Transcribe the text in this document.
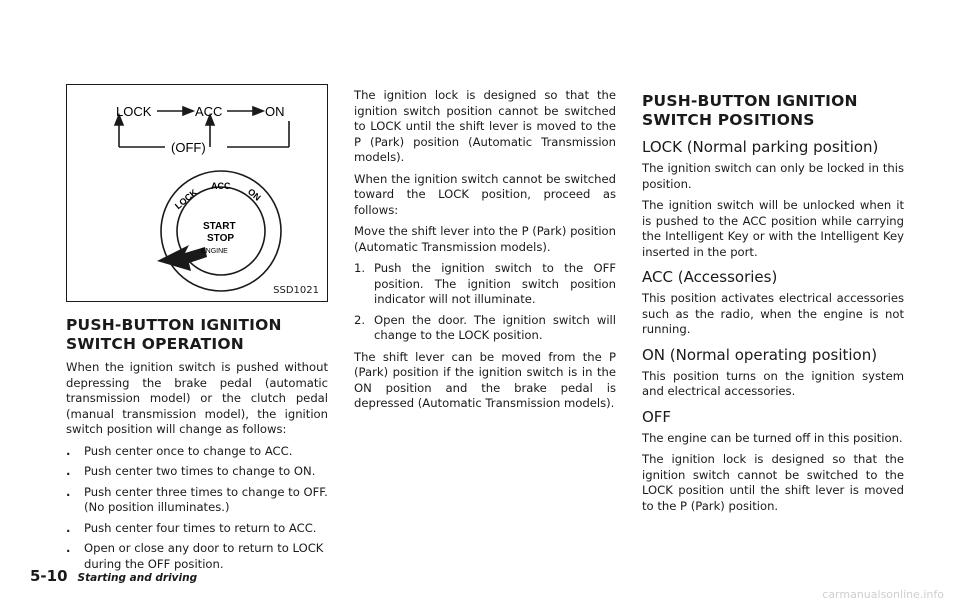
LOCK	ACC	ON
(OFF)
LOCK
ACC
ON
START
STOP
ENGINE
SSD1021
PUSH-BUTTON IGNITION SWITCH OPERATION

When the ignition switch is pushed without depressing the brake pedal (automatic transmission model) or the clutch pedal (manual transmission model), the ignition switch position will change as follows:

. Push center once to change to ACC.
. Push center two times to change to ON.
. Push center three times to change to OFF. (No position illuminates.)
. Push center four times to return to ACC.
. Open or close any door to return to LOCK during the OFF position.

The ignition lock is designed so that the ignition switch position cannot be switched to LOCK until the shift lever is moved to the P (Park) position (Automatic Transmission models).

When the ignition switch cannot be switched toward the LOCK position, proceed as follows:

Move the shift lever into the P (Park) position (Automatic Transmission models).

1. Push the ignition switch to the OFF position. The ignition switch position indicator will not illuminate.
2. Open the door. The ignition switch will change to the LOCK position.

The shift lever can be moved from the P (Park) position if the ignition switch is in the ON position and the brake pedal is depressed (Automatic Transmission models).

PUSH-BUTTON IGNITION SWITCH POSITIONS
LOCK (Normal parking position)

The ignition switch can only be locked in this position.

The ignition switch will be unlocked when it is pushed to the ACC position while carrying the Intelligent Key or with the Intelligent Key inserted in the port.

ACC (Accessories)

This position activates electrical accessories such as the radio, when the engine is not running.

ON (Normal operating position)

This position turns on the ignition system and electrical accessories.

OFF

The engine can be turned off in this position.

The ignition lock is designed so that the ignition switch cannot be switched to the LOCK position until the shift lever is moved to the P (Park) position.

5-10 Starting and driving
carmanualsonline.info
